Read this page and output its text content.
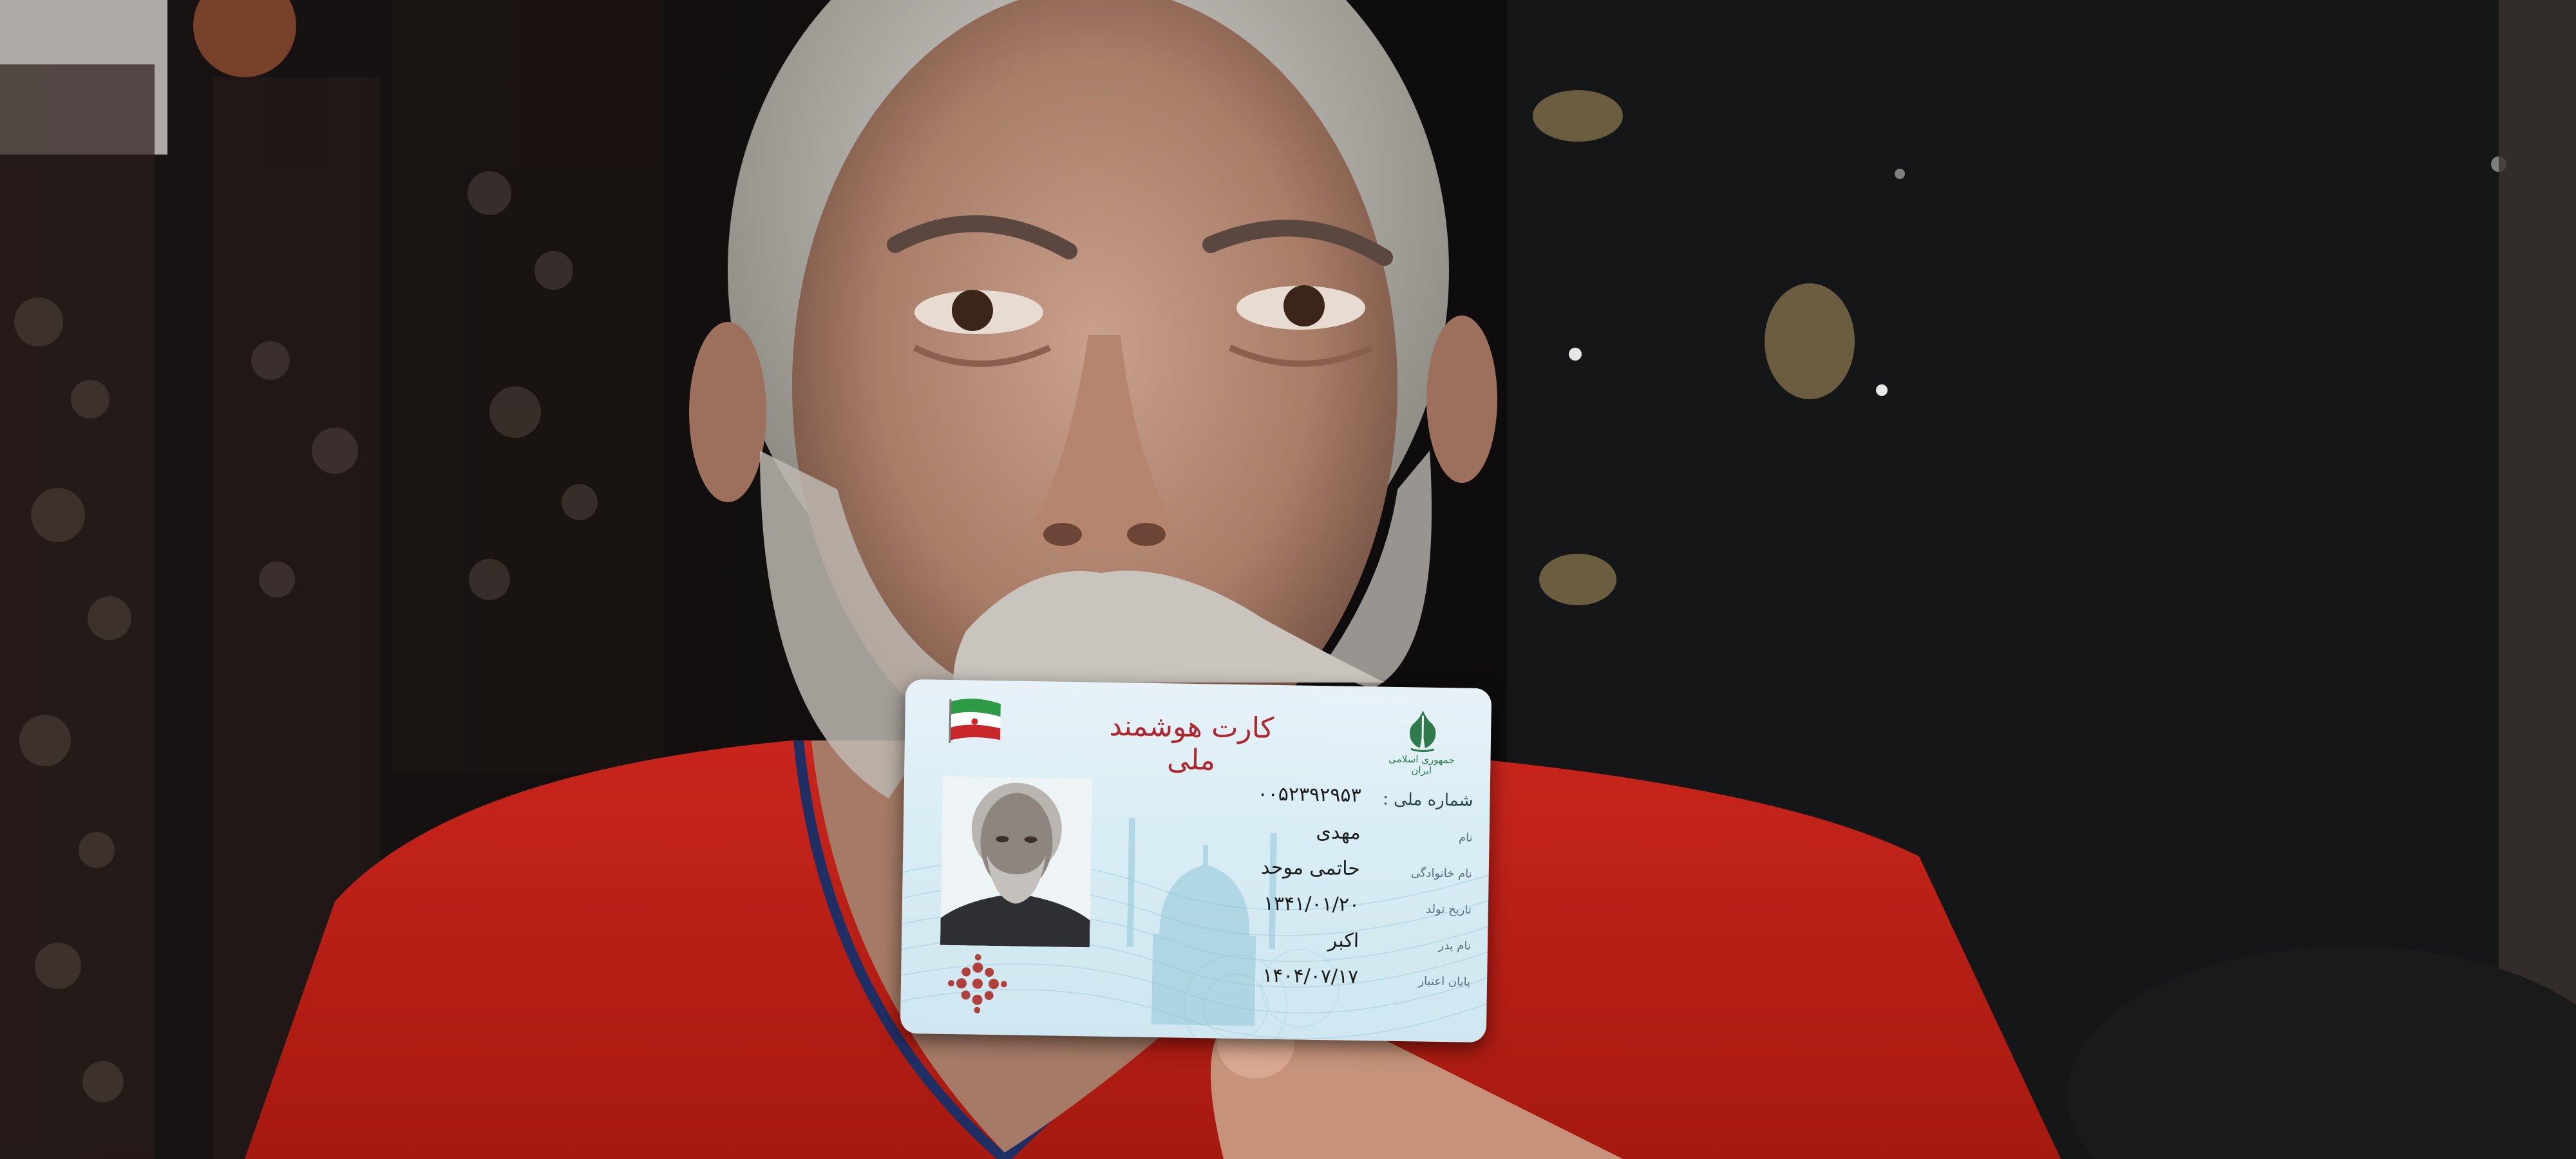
کارت هوشمند ملی	جمهوری اسلامی ایران
شماره ملی :
۰۰۵۲۳۹۲۹۵۳
نام
مهدی
نام خانوادگی
حاتمی موحد
تاریخ تولد
۱۳۴۱/۰۱/۲۰
نام پدر
اکبر
پایان اعتبار
۱۴۰۴/۰۷/۱۷
